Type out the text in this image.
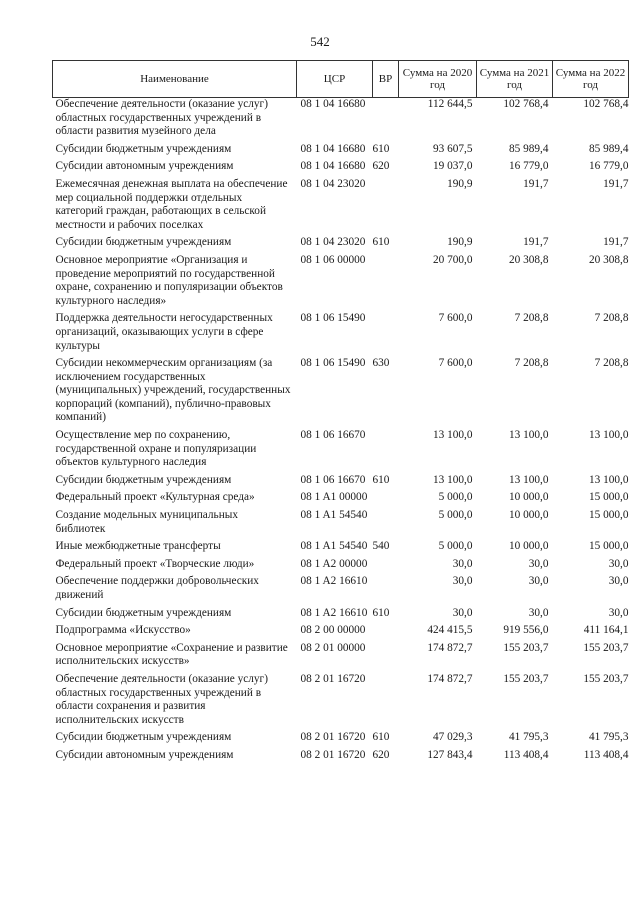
542
Наименование	ЦСР	ВР	Сумма на 2020 год	Сумма на 2021 год	Сумма на 2022 год
Обеспечение деятельности (оказание услуг) областных государственных учреждений в области развития музейного дела	08 1 04 16680		112 644,5	102 768,4	102 768,4
Субсидии бюджетным учреждениям	08 1 04 16680	610	93 607,5	85 989,4	85 989,4
Субсидии автономным учреждениям	08 1 04 16680	620	19 037,0	16 779,0	16 779,0
Ежемесячная денежная выплата на обеспечение мер социальной поддержки отдельных категорий граждан, работающих в сельской местности и рабочих поселках	08 1 04 23020		190,9	191,7	191,7
Субсидии бюджетным учреждениям	08 1 04 23020	610	190,9	191,7	191,7
Основное мероприятие «Организация и проведение мероприятий по государственной охране, сохранению и популяризации объектов культурного наследия»	08 1 06 00000		20 700,0	20 308,8	20 308,8
Поддержка деятельности негосударственных организаций, оказывающих услуги в сфере культуры	08 1 06 15490		7 600,0	7 208,8	7 208,8
Субсидии некоммерческим организациям (за исключением государственных (муниципальных) учреждений, государственных корпораций (компаний), публично-правовых компаний)	08 1 06 15490	630	7 600,0	7 208,8	7 208,8
Осуществление мер по сохранению, государственной охране и популяризации объектов культурного наследия	08 1 06 16670		13 100,0	13 100,0	13 100,0
Субсидии бюджетным учреждениям	08 1 06 16670	610	13 100,0	13 100,0	13 100,0
Федеральный проект «Культурная среда»	08 1 A1 00000		5 000,0	10 000,0	15 000,0
Создание модельных муниципальных библиотек	08 1 A1 54540		5 000,0	10 000,0	15 000,0
Иные межбюджетные трансферты	08 1 A1 54540	540	5 000,0	10 000,0	15 000,0
Федеральный проект «Творческие люди»	08 1 A2 00000		30,0	30,0	30,0
Обеспечение поддержки добровольческих движений	08 1 A2 16610		30,0	30,0	30,0
Субсидии бюджетным учреждениям	08 1 A2 16610	610	30,0	30,0	30,0
Подпрограмма «Искусство»	08 2 00 00000		424 415,5	919 556,0	411 164,1
Основное мероприятие «Сохранение и развитие исполнительских искусств»	08 2 01 00000		174 872,7	155 203,7	155 203,7
Обеспечение деятельности (оказание услуг) областных государственных учреждений в области сохранения и развития исполнительских искусств	08 2 01 16720		174 872,7	155 203,7	155 203,7
Субсидии бюджетным учреждениям	08 2 01 16720	610	47 029,3	41 795,3	41 795,3
Субсидии автономным учреждениям	08 2 01 16720	620	127 843,4	113 408,4	113 408,4
